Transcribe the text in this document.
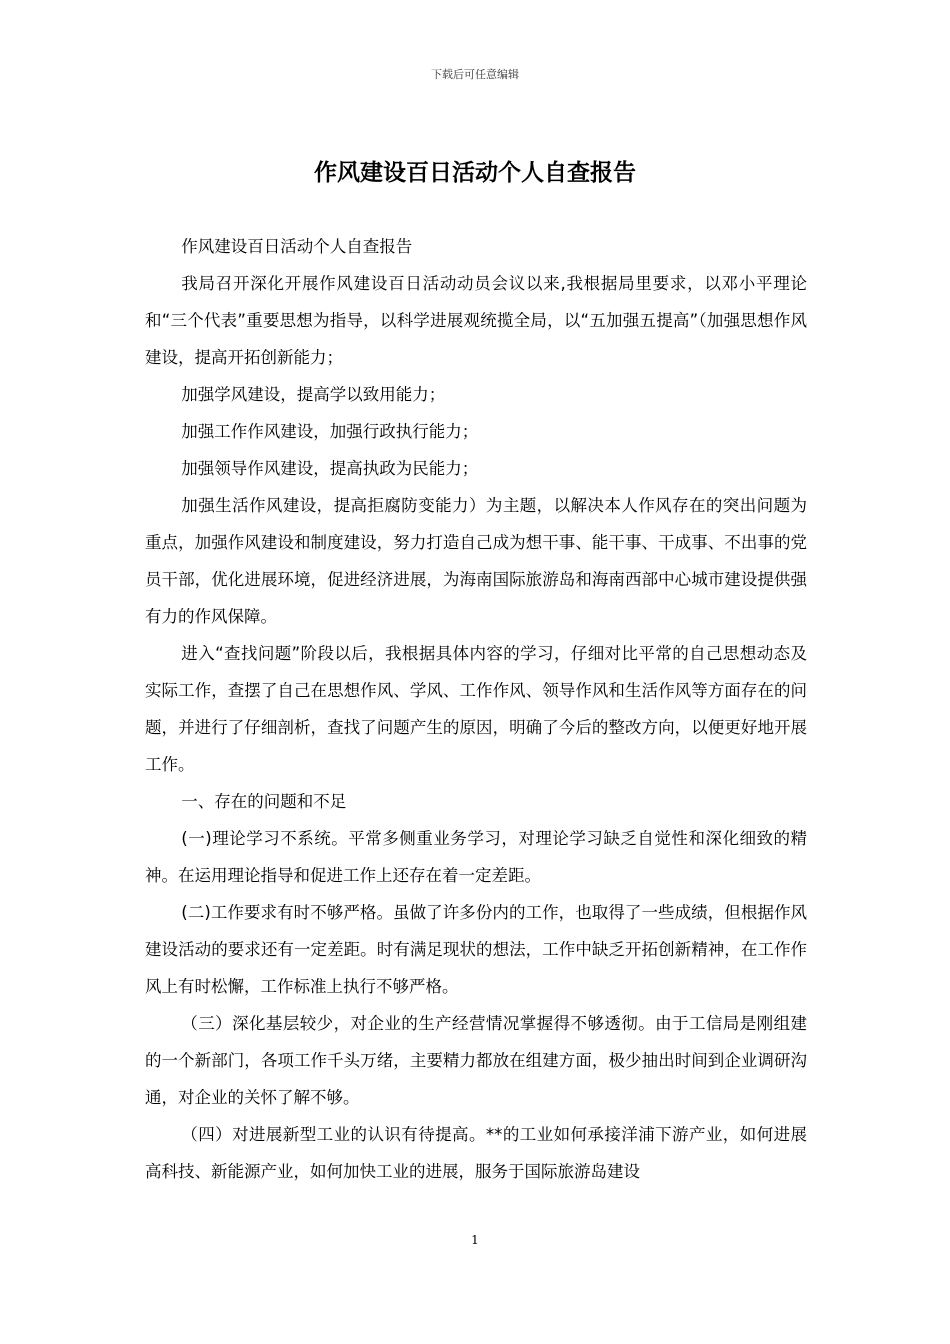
下载后可任意编辑
作风建设百日活动个人自查报告

作风建设百日活动个人自查报告

我局召开深化开展作风建设百日活动动员会议以来,我根据局里要求，以邓小平理论和“三个代表”重要思想为指导，以科学进展观统揽全局，以“五加强五提高”（加强思想作风建设，提高开拓创新能力；

加强学风建设，提高学以致用能力；

加强工作作风建设，加强行政执行能力；

加强领导作风建设，提高执政为民能力；

加强生活作风建设，提高拒腐防变能力）为主题，以解决本人作风存在的突出问题为重点，加强作风建设和制度建设，努力打造自己成为想干事、能干事、干成事、不出事的党员干部，优化进展环境，促进经济进展，为海南国际旅游岛和海南西部中心城市建设提供强有力的作风保障。

进入“查找问题”阶段以后，我根据具体内容的学习，仔细对比平常的自己思想动态及实际工作，查摆了自己在思想作风、学风、工作作风、领导作风和生活作风等方面存在的问题，并进行了仔细剖析，查找了问题产生的原因，明确了今后的整改方向，以便更好地开展工作。

一、存在的问题和不足

(一)理论学习不系统。平常多侧重业务学习，对理论学习缺乏自觉性和深化细致的精神。在运用理论指导和促进工作上还存在着一定差距。

(二)工作要求有时不够严格。虽做了许多份内的工作，也取得了一些成绩，但根据作风建设活动的要求还有一定差距。时有满足现状的想法，工作中缺乏开拓创新精神，在工作作风上有时松懈，工作标准上执行不够严格。

（三）深化基层较少，对企业的生产经营情况掌握得不够透彻。由于工信局是刚组建的一个新部门，各项工作千头万绪，主要精力都放在组建方面，极少抽出时间到企业调研沟通，对企业的关怀了解不够。

（四）对进展新型工业的认识有待提高。**的工业如何承接洋浦下游产业，如何进展高科技、新能源产业，如何加快工业的进展，服务于国际旅游岛建设

1
